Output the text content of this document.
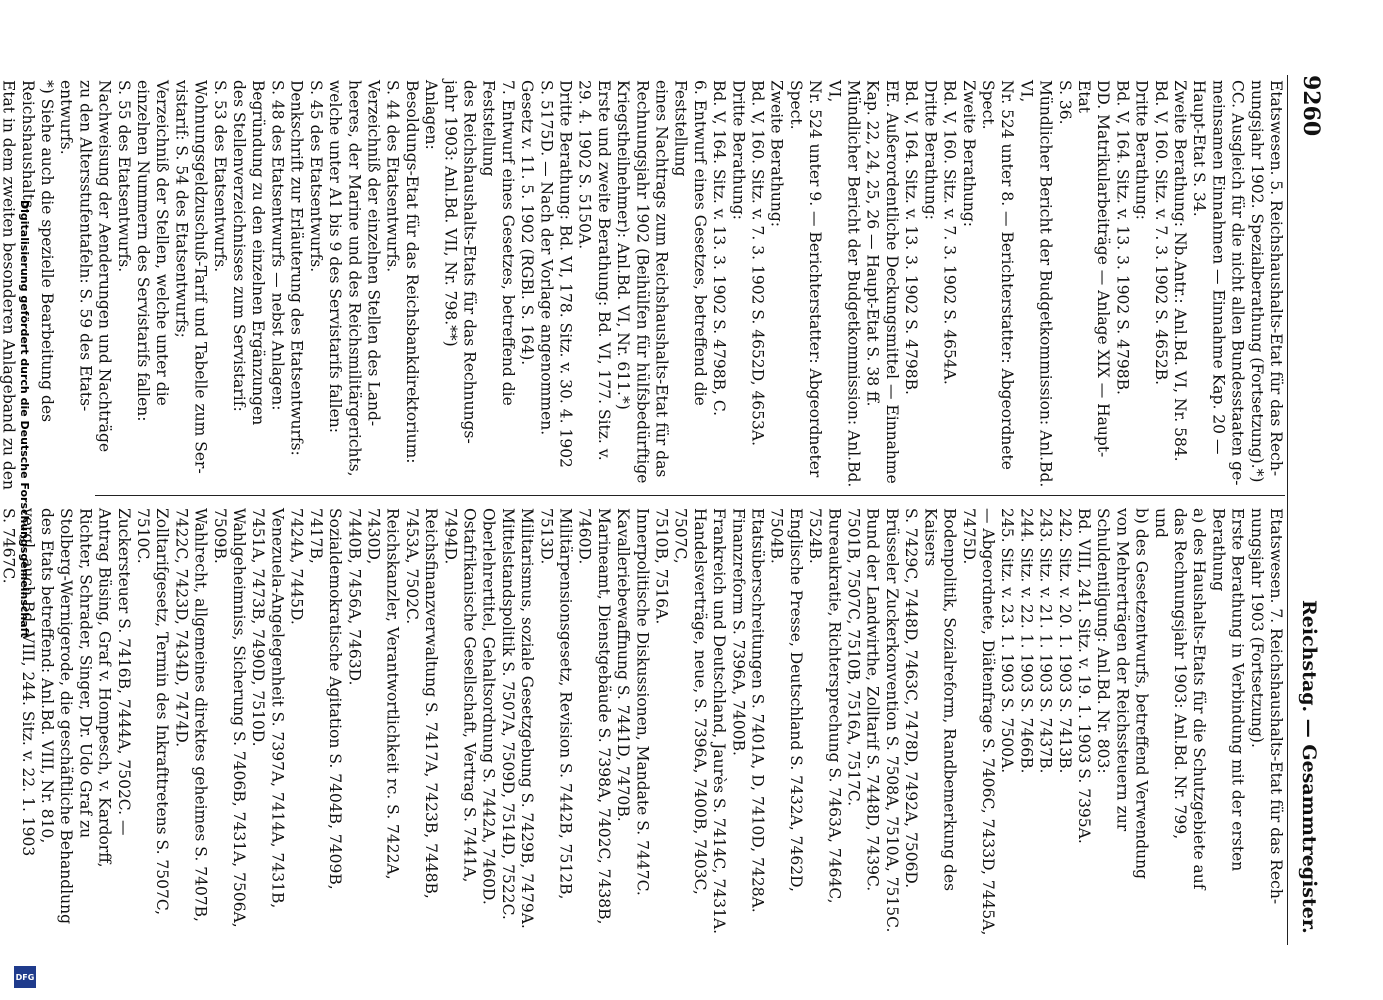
9260
Reichstag. — Gesammtregister.
Etatswesen. 5. Reichshaushalts-Etat für das Rech-
nungsjahr 1902. Spezialberathung (Fortsetzung).*)
CC. Ausgleich für die nicht allen Bundesstaaten ge-
meinsamen Einnahmen — Einnahme Kap. 20 —
Haupt-Etat S. 34.
Zweite Berathung: Nb.Antr.: Anl.Bd. VI, Nr. 584.
Bd. V, 160. Sitz. v. 7. 3. 1902 S. 4652B.
Dritte Berathung:
Bd. V, 164. Sitz. v. 13. 3. 1902 S. 4798B.
DD. Matrikularbeiträge — Anlage XIX — Haupt-Etat
S. 36.
Mündlicher Bericht der Budgetkommission: Anl.Bd. VI,
Nr. 524 unter 8. — Berichterstatter: Abgeordnete
Spect.
Zweite Berathung:
Bd. V, 160. Sitz. v. 7. 3. 1902 S. 4654A.
Dritte Berathung:
Bd. V, 164. Sitz. v. 13. 3. 1902 S. 4798B.
EE. Außerordentliche Deckungsmittel — Einnahme
Kap. 22, 24, 25, 26 — Haupt-Etat S. 38 ff.
Mündlicher Bericht der Budgetkommission: Anl.Bd. VI,
Nr. 524 unter 9. — Berichterstatter: Abgeordneter
Spect.
Zweite Berathung:
Bd. V, 160. Sitz. v. 7. 3. 1902 S. 4652D, 4653A.
Dritte Berathung:
Bd. V, 164. Sitz. v. 13. 3. 1902 S. 4798B, C.
6. Entwurf eines Gesetzes, betreffend die Feststellung
eines Nachtrags zum Reichshaushalts-Etat für das
Rechnungsjahr 1902 (Beihülfen für hülfsbedürftige
Kriegstheilnehmer): Anl.Bd. VI, Nr. 611.*)
Erste und zweite Berathung: Bd. VI, 177. Sitz. v.
29. 4. 1902 S. 5150A.
Dritte Berathung: Bd. VI, 178. Sitz. v. 30. 4. 1902
S. 5175D. — Nach der Vorlage angenommen.
Gesetz v. 11. 5. 1902 (RGBl. S. 164).
7. Entwurf eines Gesetzes, betreffend die Feststellung
des Reichshaushalts-Etats für das Rechnungs-
jahr 1903: Anl.Bd. VII, Nr. 798.**)
Anlagen:
Besoldungs-Etat für das Reichsbankdirektorium:
S. 44 des Etatsentwurfs.
Verzeichniß der einzelnen Stellen des Land-
heeres, der Marine und des Reichsmilitärgerichts,
welche unter A1 bis 9 des Servistarifs fallen:
S. 45 des Etatsentwurfs.
Denkschrift zur Erläuterung des Etatsentwurfs:
S. 48 des Etatsentwurfs — nebst Anlagen:
Begründung zu den einzelnen Ergänzungen
des Stellenverzeichnisses zum Servistarif:
S. 53 des Etatsentwurfs.
Wohnungsgeldzuschuß-Tarif und Tabelle zum Ser-
vistarif: S. 54 des Etatsentwurfs;
Verzeichniß der Stellen, welche unter die
einzelnen Nummern des Servistarifs fallen:
S. 55 des Etatsentwurfs.
Nachweisung der Aenderungen und Nachträge
zu den Altersstufentafeln: S. 59 des Etats-
entwurfs.
*) Siehe auch die spezielle Bearbeitung des Reichshaushalts-
Etat in dem zweiten besonderen Anlageband zu den
Etatswesen. 7. Reichshaushalts-Etat für das Rech-
nungsjahr 1903 (Fortsetzung).
Erste Berathung in Verbindung mit der ersten
Berathung
a) des Haushalts-Etats für die Schutzgebiete auf
das Rechnungsjahr 1903: Anl.Bd. Nr. 799,
und
b) des Gesetzentwurfs, betreffend Verwendung
von Mehrerträgen der Reichssteuern zur
Schuldentilgung: Anl.Bd. Nr. 803:
Bd. VIII, 241. Sitz. v. 19. 1. 1903 S. 7395A.
242. Sitz. v. 20. 1. 1903 S. 7413B.
243. Sitz. v. 21. 1. 1903 S. 7437B.
244. Sitz. v. 22. 1. 1903 S. 7466B.
245. Sitz. v. 23. 1. 1903 S. 7500A.
— Abgeordnete, Diätenfrage S. 7406C, 7433D, 7445A,
7475D.
Bodenpolitik, Sozialreform, Randbemerkung des Kaisers
S. 7429C, 7448D, 7463C, 7478D, 7492A, 7506D.
Brüsseler Zuckerkonvention S. 7508A, 7510A, 7515C.
Bund der Landwirthe, Zolltarif S. 7448D, 7439C.
7501B, 7507C, 7510B, 7516A, 7517C.
Bureaukratie, Richtersprechung S. 7463A, 7464C,
7524B.
Englische Presse, Deutschland S. 7432A, 7462D,
7504B.
Etatsüberschreitungen S. 7401A, D, 7410D, 7428A.
Finanzreform S. 7396A, 7400B.
Frankreich und Deutschland, Jaurès S. 7414C, 7431A.
Handelsverträge, neue, S. 7396A, 7400B, 7403C, 7507C,
7510B, 7516A.
Innerpolitische Diskussionen, Mandate S. 7447C.
Kavalleriebewaffnung S. 7441D, 7470B.
Marineamt, Dienstgebäude S. 7398A, 7402C, 7438B,
7460D.
Militärpensionsgesetz, Revision S. 7442B, 7512B,
7513D.
Militarismus, soziale Gesetzgebung S. 7429B, 7479A.
Mittelstandspolitik S. 7507A, 7509D, 7514D, 7522C.
Oberlehrertitel, Gehaltsordnung S. 7442A, 7460D.
Ostafrikanische Gesellschaft, Vertrag S. 7441A, 7494D.
Reichsfinanzverwaltung S. 7417A, 7423B, 7448B,
7453A, 7502C.
Reichskanzler, Verantwortlichkeit rc. S. 7422A, 7430D,
7440B, 7456A, 7463D.
Sozialdemokratische Agitation S. 7404B, 7409B, 7417B,
7424A, 7445D.
Venezuela-Angelegenheit S. 7397A, 7414A, 7431B,
7451A, 7473B, 7490D, 7510D.
Wahlgeheimniss, Sicherung S. 7406B, 7431A, 7506A,
7509B.
Wahlrecht, allgemeines direktes geheimes S. 7407B,
7422C, 7423D, 7434D, 7474D.
Zolltarifgesetz, Termin des Inkrafttretens S. 7507C,
7510C.
Zuckersteuer S. 7416B, 7444A, 7502C. —
Antrag Büsing, Graf v. Hompesch, v. Kardorff,
Richter, Schrader, Singer, Dr. Udo Graf zu
Stolberg-Wernigerode, die geschäftliche Behandlung
des Etats betreffend: Anl.Bd. VIII, Nr. 810,
vergl. auch Bd. VIII, 244. Sitz. v. 22. 1. 1903
S. 7467C. Digitalisierung gefördert durch die Deutsche Forschungsgemeinschaft
DFG
